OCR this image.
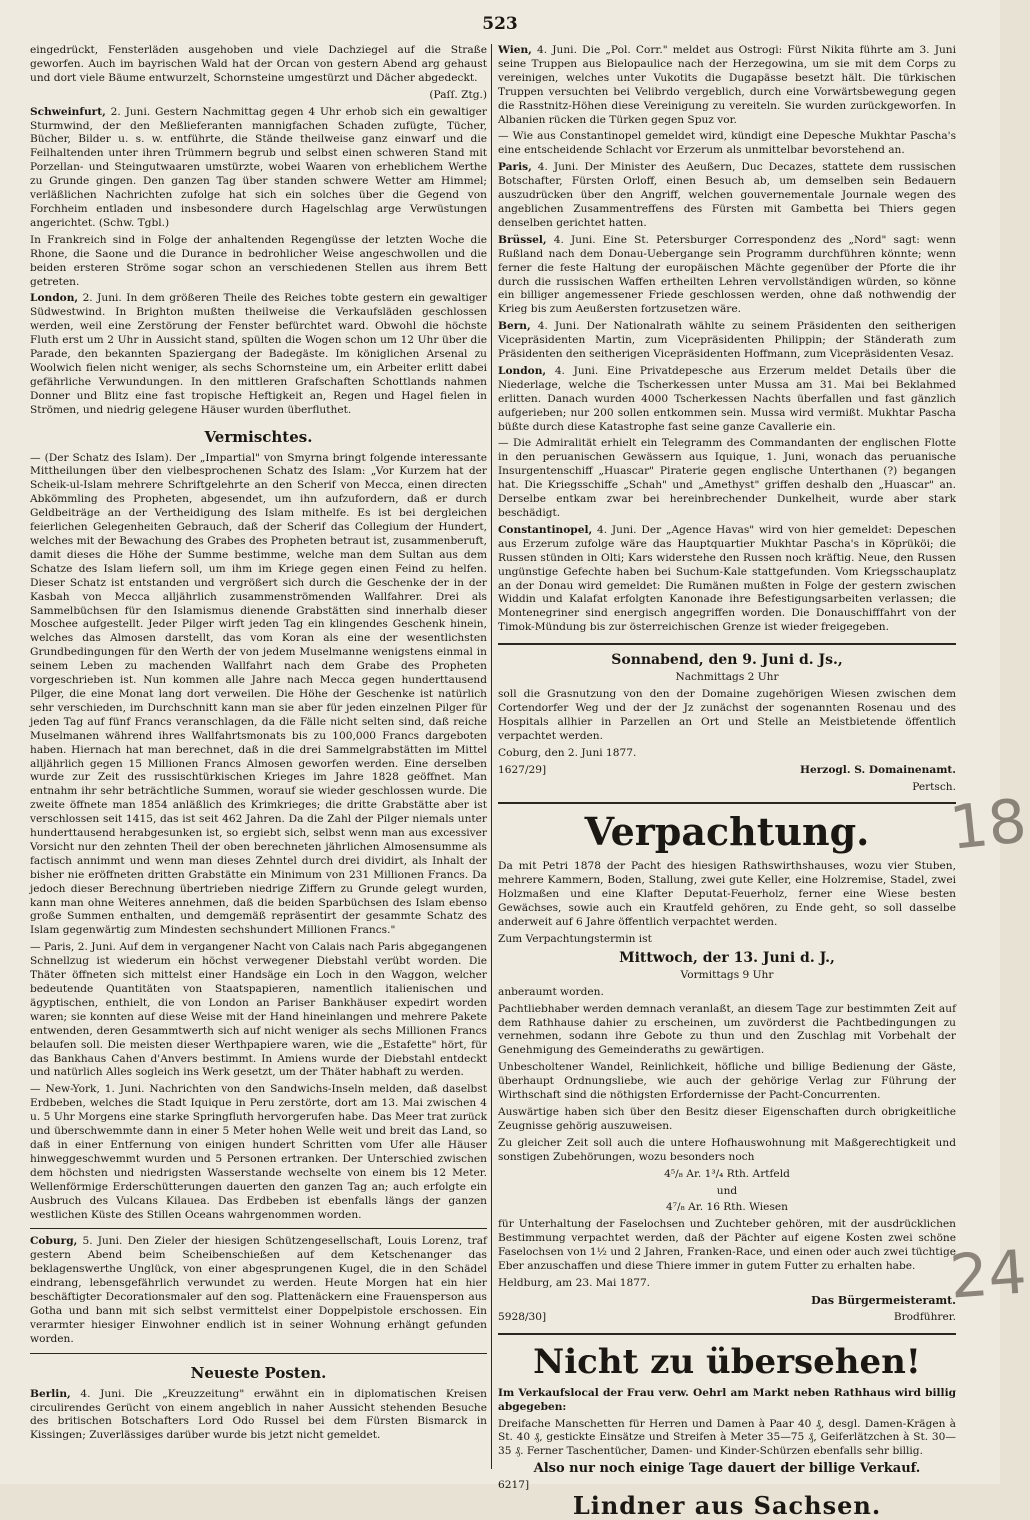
523

eingedrückt, Fensterläden ausgehoben und viele Dachziegel auf die Straße geworfen. Auch im bayrischen Wald hat der Orcan von gestern Abend arg gehaust und dort viele Bäume entwurzelt, Schornsteine umgestürzt und Dächer abgedeckt.

(Paſſ. Ztg.)

Schweinfurt, 2. Juni. Gestern Nachmittag gegen 4 Uhr erhob sich ein gewaltiger Sturmwind, der den Meßlieferanten mannigfachen Schaden zufügte, Tücher, Bücher, Bilder u. s. w. entführte, die Stände theilweise ganz einwarf und die Feilhaltenden unter ihren Trümmern begrub und selbst einen schweren Stand mit Porzellan- und Steingutwaaren umstürzte, wobei Waaren von erheblichem Werthe zu Grunde gingen. Den ganzen Tag über standen schwere Wetter am Himmel; verläßlichen Nachrichten zufolge hat sich ein solches über die Gegend von Forchheim entladen und insbesondere durch Hagelschlag arge Verwüstungen angerichtet. (Schw. Tgbl.)

In Frankreich sind in Folge der anhaltenden Regengüsse der letzten Woche die Rhone, die Saone und die Durance in bedrohlicher Weise angeschwollen und die beiden ersteren Ströme sogar schon an verschiedenen Stellen aus ihrem Bett getreten.

London, 2. Juni. In dem größeren Theile des Reiches tobte gestern ein gewaltiger Südwestwind. In Brighton mußten theilweise die Verkaufsläden geschlossen werden, weil eine Zerstörung der Fenster befürchtet ward. Obwohl die höchste Fluth erst um 2 Uhr in Aussicht stand, spülten die Wogen schon um 12 Uhr über die Parade, den bekannten Spaziergang der Badegäste. Im königlichen Arsenal zu Woolwich fielen nicht weniger, als sechs Schornsteine um, ein Arbeiter erlitt dabei gefährliche Verwundungen. In den mittleren Grafschaften Schottlands nahmen Donner und Blitz eine fast tropische Heftigkeit an, Regen und Hagel fielen in Strömen, und niedrig gelegene Häuser wurden überfluthet.

Vermischtes.

— (Der Schatz des Islam). Der „Impartial" von Smyrna bringt folgende interessante Mittheilungen über den vielbesprochenen Schatz des Islam: „Vor Kurzem hat der Scheik-ul-Islam mehrere Schriftgelehrte an den Scherif von Mecca, einen directen Abkömmling des Propheten, abgesendet, um ihn aufzufordern, daß er durch Geldbeiträge an der Vertheidigung des Islam mithelfe. Es ist bei dergleichen feierlichen Gelegenheiten Gebrauch, daß der Scherif das Collegium der Hundert, welches mit der Bewachung des Grabes des Propheten betraut ist, zusammenberuft, damit dieses die Höhe der Summe bestimme, welche man dem Sultan aus dem Schatze des Islam liefern soll, um ihm im Kriege gegen einen Feind zu helfen. Dieser Schatz ist entstanden und vergrößert sich durch die Geschenke der in der Kasbah von Mecca alljährlich zusammenströmenden Wallfahrer. Drei als Sammelbüchsen für den Islamismus dienende Grabstätten sind innerhalb dieser Moschee aufgestellt. Jeder Pilger wirft jeden Tag ein klingendes Geschenk hinein, welches das Almosen darstellt, das vom Koran als eine der wesentlichsten Grundbedingungen für den Werth der von jedem Muselmanne wenigstens einmal in seinem Leben zu machenden Wallfahrt nach dem Grabe des Propheten vorgeschrieben ist. Nun kommen alle Jahre nach Mecca gegen hunderttausend Pilger, die eine Monat lang dort verweilen. Die Höhe der Geschenke ist natürlich sehr verschieden, im Durchschnitt kann man sie aber für jeden einzelnen Pilger für jeden Tag auf fünf Francs veranschlagen, da die Fälle nicht selten sind, daß reiche Muselmanen während ihres Wallfahrtsmonats bis zu 100,000 Francs dargeboten haben. Hiernach hat man berechnet, daß in die drei Sammelgrabstätten im Mittel alljährlich gegen 15 Millionen Francs Almosen geworfen werden. Eine derselben wurde zur Zeit des russischtürkischen Krieges im Jahre 1828 geöffnet. Man entnahm ihr sehr beträchtliche Summen, worauf sie wieder geschlossen wurde. Die zweite öffnete man 1854 anläßlich des Krimkrieges; die dritte Grabstätte aber ist verschlossen seit 1415, das ist seit 462 Jahren. Da die Zahl der Pilger niemals unter hunderttausend herabgesunken ist, so ergiebt sich, selbst wenn man aus excessiver Vorsicht nur den zehnten Theil der oben berechneten jährlichen Almosensumme als factisch annimmt und wenn man dieses Zehntel durch drei dividirt, als Inhalt der bisher nie eröffneten dritten Grabstätte ein Minimum von 231 Millionen Francs. Da jedoch dieser Berechnung übertrieben niedrige Ziffern zu Grunde gelegt wurden, kann man ohne Weiteres annehmen, daß die beiden Sparbüchsen des Islam ebenso große Summen enthalten, und demgemäß repräsentirt der gesammte Schatz des Islam gegenwärtig zum Mindesten sechshundert Millionen Francs."

— Paris, 2. Juni. Auf dem in vergangener Nacht von Calais nach Paris abgegangenen Schnellzug ist wiederum ein höchst verwegener Diebstahl verübt worden. Die Thäter öffneten sich mittelst einer Handsäge ein Loch in den Waggon, welcher bedeutende Quantitäten von Staatspapieren, namentlich italienischen und ägyptischen, enthielt, die von London an Pariser Bankhäuser expedirt worden waren; sie konnten auf diese Weise mit der Hand hineinlangen und mehrere Pakete entwenden, deren Gesammtwerth sich auf nicht weniger als sechs Millionen Francs belaufen soll. Die meisten dieser Werthpapiere waren, wie die „Estafette" hört, für das Bankhaus Cahen d'Anvers bestimmt. In Amiens wurde der Diebstahl entdeckt und natürlich Alles sogleich ins Werk gesetzt, um der Thäter habhaft zu werden.

— New-York, 1. Juni. Nachrichten von den Sandwichs-Inseln melden, daß daselbst Erdbeben, welches die Stadt Iquique in Peru zerstörte, dort am 13. Mai zwischen 4 u. 5 Uhr Morgens eine starke Springfluth hervorgerufen habe. Das Meer trat zurück und überschwemmte dann in einer 5 Meter hohen Welle weit und breit das Land, so daß in einer Entfernung von einigen hundert Schritten vom Ufer alle Häuser hinweggeschwemmt wurden und 5 Personen ertranken. Der Unterschied zwischen dem höchsten und niedrigsten Wasserstande wechselte von einem bis 12 Meter. Wellenförmige Erderschütterungen dauerten den ganzen Tag an; auch erfolgte ein Ausbruch des Vulcans Kilauea. Das Erdbeben ist ebenfalls längs der ganzen westlichen Küste des Stillen Oceans wahrgenommen worden.

Coburg, 5. Juni. Den Zieler der hiesigen Schützengesellschaft, Louis Lorenz, traf gestern Abend beim Scheibenschießen auf dem Ketschenanger das beklagenswerthe Unglück, von einer abgesprungenen Kugel, die in den Schädel eindrang, lebensgefährlich verwundet zu werden. Heute Morgen hat ein hier beschäftigter Decorationsmaler auf den sog. Plattenäckern eine Frauensperson aus Gotha und bann mit sich selbst vermittelst einer Doppelpistole erschossen. Ein verarmter hiesiger Einwohner endlich ist in seiner Wohnung erhängt gefunden worden.

Neueste Posten.

Berlin, 4. Juni. Die „Kreuzzeitung" erwähnt ein in diplomatischen Kreisen circulirendes Gerücht von einem angeblich in naher Aussicht stehenden Besuche des britischen Botschafters Lord Odo Russel bei dem Fürsten Bismarck in Kissingen; Zuverlässiges darüber wurde bis jetzt nicht gemeldet.

Wien, 4. Juni. Die „Pol. Corr." meldet aus Ostrogi: Fürst Nikita führte am 3. Juni seine Truppen aus Bielopaulice nach der Herzegowina, um sie mit dem Corps zu vereinigen, welches unter Vukotits die Dugapässe besetzt hält. Die türkischen Truppen versuchten bei Velibrdo vergeblich, durch eine Vorwärtsbewegung gegen die Rasstnitz-Höhen diese Vereinigung zu vereiteln. Sie wurden zurückgeworfen. In Albanien rücken die Türken gegen Spuz vor.

— Wie aus Constantinopel gemeldet wird, kündigt eine Depesche Mukhtar Pascha's eine entscheidende Schlacht vor Erzerum als unmittelbar bevorstehend an.

Paris, 4. Juni. Der Minister des Aeußern, Duc Decazes, stattete dem russischen Botschafter, Fürsten Orloff, einen Besuch ab, um demselben sein Bedauern auszudrücken über den Angriff, welchen gouvernementale Journale wegen des angeblichen Zusammentreffens des Fürsten mit Gambetta bei Thiers gegen denselben gerichtet hatten.

Brüssel, 4. Juni. Eine St. Petersburger Correspondenz des „Nord" sagt: wenn Rußland nach dem Donau-Uebergange sein Programm durchführen könnte; wenn ferner die feste Haltung der europäischen Mächte gegenüber der Pforte die ihr durch die russischen Waffen ertheilten Lehren vervollständigen würden, so könne ein billiger angemessener Friede geschlossen werden, ohne daß nothwendig der Krieg bis zum Aeußersten fortzusetzen wäre.

Bern, 4. Juni. Der Nationalrath wählte zu seinem Präsidenten den seitherigen Vicepräsidenten Martin, zum Vicepräsidenten Philippin; der Ständerath zum Präsidenten den seitherigen Vicepräsidenten Hoffmann, zum Vicepräsidenten Vesaz.

London, 4. Juni. Eine Privatdepesche aus Erzerum meldet Details über die Niederlage, welche die Tscherkessen unter Mussa am 31. Mai bei Beklahmed erlitten. Danach wurden 4000 Tscherkessen Nachts überfallen und fast gänzlich aufgerieben; nur 200 sollen entkommen sein. Mussa wird vermißt. Mukhtar Pascha büßte durch diese Katastrophe fast seine ganze Cavallerie ein.

— Die Admiralität erhielt ein Telegramm des Commandanten der englischen Flotte in den peruanischen Gewässern aus Iquique, 1. Juni, wonach das peruanische Insurgentenschiff „Huascar" Piraterie gegen englische Unterthanen (?) begangen hat. Die Kriegsschiffe „Schah" und „Amethyst" griffen deshalb den „Huascar" an. Derselbe entkam zwar bei hereinbrechender Dunkelheit, wurde aber stark beschädigt.

Constantinopel, 4. Juni. Der „Agence Havas" wird von hier gemeldet: Depeschen aus Erzerum zufolge wäre das Hauptquartier Mukhtar Pascha's in Köprüköi; die Russen stünden in Olti; Kars widerstehe den Russen noch kräftig. Neue, den Russen ungünstige Gefechte haben bei Suchum-Kale stattgefunden. Vom Kriegsschauplatz an der Donau wird gemeldet: Die Rumänen mußten in Folge der gestern zwischen Widdin und Kalafat erfolgten Kanonade ihre Befestigungsarbeiten verlassen; die Montenegriner sind energisch angegriffen worden. Die Donauschifffahrt von der Timok-Mündung bis zur österreichischen Grenze ist wieder freigegeben.

Sonnabend, den 9. Juni d. Js.,

Nachmittags 2 Uhr

soll die Grasnutzung von den der Domaine zugehörigen Wiesen zwischen dem Cortendorfer Weg und der der Jz zunächst der sogenannten Rosenau und des Hospitals allhier in Parzellen an Ort und Stelle an Meistbietende öffentlich verpachtet werden.

Coburg, den 2. Juni 1877.

1627/29]	Herzogl. S. Domainenamt.

Pertsch.

Verpachtung.

Da mit Petri 1878 der Pacht des hiesigen Rathswirthshauses, wozu vier Stuben, mehrere Kammern, Boden, Stallung, zwei gute Keller, eine Holzremise, Stadel, zwei Holzmaßen und eine Klafter Deputat-Feuerholz, ferner eine Wiese besten Gewächses, sowie auch ein Krautfeld gehören, zu Ende geht, so soll dasselbe anderweit auf 6 Jahre öffentlich verpachtet werden.

Zum Verpachtungstermin ist

Mittwoch, der 13. Juni d. J.,

Vormittags 9 Uhr

anberaumt worden.

Pachtliebhaber werden demnach veranlaßt, an diesem Tage zur bestimmten Zeit auf dem Rathhause dahier zu erscheinen, um zuvörderst die Pachtbedingungen zu vernehmen, sodann ihre Gebote zu thun und den Zuschlag mit Vorbehalt der Genehmigung des Gemeinderaths zu gewärtigen.

Unbescholtener Wandel, Reinlichkeit, höfliche und billige Bedienung der Gäste, überhaupt Ordnungsliebe, wie auch der gehörige Verlag zur Führung der Wirthschaft sind die nöthigsten Erfordernisse der Pacht-Concurrenten.

Auswärtige haben sich über den Besitz dieser Eigenschaften durch obrigkeitliche Zeugnisse gehörig auszuweisen.

Zu gleicher Zeit soll auch die untere Hofhauswohnung mit Maßgerechtigkeit und sonstigen Zubehörungen, wozu besonders noch

4⁵/₈ Ar. 1³/₄ Rth. Artfeld

und

4⁷/₈ Ar. 16 Rth. Wiesen

für Unterhaltung der Faselochsen und Zuchteber gehören, mit der ausdrücklichen Bestimmung verpachtet werden, daß der Pächter auf eigene Kosten zwei schöne Faselochsen von 1½ und 2 Jahren, Franken-Race, und einen oder auch zwei tüchtige Eber anzuschaffen und diese Thiere immer in gutem Futter zu erhalten habe.

Heldburg, am 23. Mai 1877.

Das Bürgermeisteramt.

5928/30]	Brodführer.

Nicht zu übersehen!

Im Verkaufslocal der Frau verw. Oehrl am Markt neben Rathhaus wird billig abgegeben:

Dreifache Manschetten für Herren und Damen à Paar 40 ₰, desgl. Damen-Krägen à St. 40 ₰, gestickte Einsätze und Streifen à Meter 35—75 ₰, Geiferlätzchen à St. 30—35 ₰. Ferner Taschentücher, Damen- und Kinder-Schürzen ebenfalls sehr billig.

Also nur noch einige Tage dauert der billige Verkauf.

6217]

Lindner aus Sachsen.
18
24
